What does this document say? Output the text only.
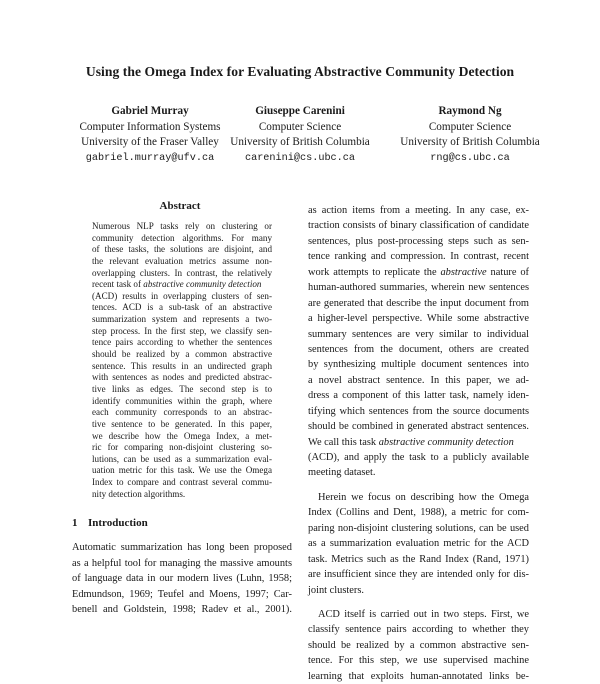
Using the Omega Index for Evaluating Abstractive Community Detection
Gabriel Murray
Computer Information Systems
University of the Fraser Valley
gabriel.murray@ufv.ca
Giuseppe Carenini
Computer Science
University of British Columbia
carenini@cs.ubc.ca
Raymond Ng
Computer Science
University of British Columbia
rng@cs.ubc.ca
Abstract
Numerous NLP tasks rely on clustering or
community detection algorithms. For many
of these tasks, the solutions are disjoint, and
the relevant evaluation metrics assume non-
overlapping clusters. In contrast, the relatively
recent task of abstractive community detection
(ACD) results in overlapping clusters of sen-
tences. ACD is a sub-task of an abstractive
summarization system and represents a two-
step process. In the first step, we classify sen-
tence pairs according to whether the sentences
should be realized by a common abstractive
sentence. This results in an undirected graph
with sentences as nodes and predicted abstrac-
tive links as edges. The second step is to
identify communities within the graph, where
each community corresponds to an abstrac-
tive sentence to be generated. In this paper,
we describe how the Omega Index, a met-
ric for comparing non-disjoint clustering so-
lutions, can be used as a summarization eval-
uation metric for this task. We use the Omega
Index to compare and contrast several commu-
nity detection algorithms.
1 Introduction
Automatic summarization has long been proposed
as a helpful tool for managing the massive amounts
of language data in our modern lives (Luhn, 1958;
Edmundson, 1969; Teufel and Moens, 1997; Car-
benell and Goldstein, 1998; Radev et al., 2001).
as action items from a meeting. In any case, ex-
traction consists of binary classification of candidate
sentences, plus post-processing steps such as sen-
tence ranking and compression. In contrast, recent
work attempts to replicate the abstractive nature of
human-authored summaries, wherein new sentences
are generated that describe the input document from
a higher-level perspective. While some abstractive
summary sentences are very similar to individual
sentences from the document, others are created
by synthesizing multiple document sentences into
a novel abstract sentence. In this paper, we ad-
dress a component of this latter task, namely iden-
tifying which sentences from the source documents
should be combined in generated abstract sentences.
We call this task abstractive community detection
(ACD), and apply the task to a publicly available
meeting dataset.
Herein we focus on describing how the Omega
Index (Collins and Dent, 1988), a metric for com-
paring non-disjoint clustering solutions, can be used
as a summarization evaluation metric for the ACD
task. Metrics such as the Rand Index (Rand, 1971)
are insufficient since they are intended only for dis-
joint clusters.
ACD itself is carried out in two steps. First, we
classify sentence pairs according to whether they
should be realized by a common abstractive sen-
tence. For this step, we use supervised machine
learning that exploits human-annotated links be-
